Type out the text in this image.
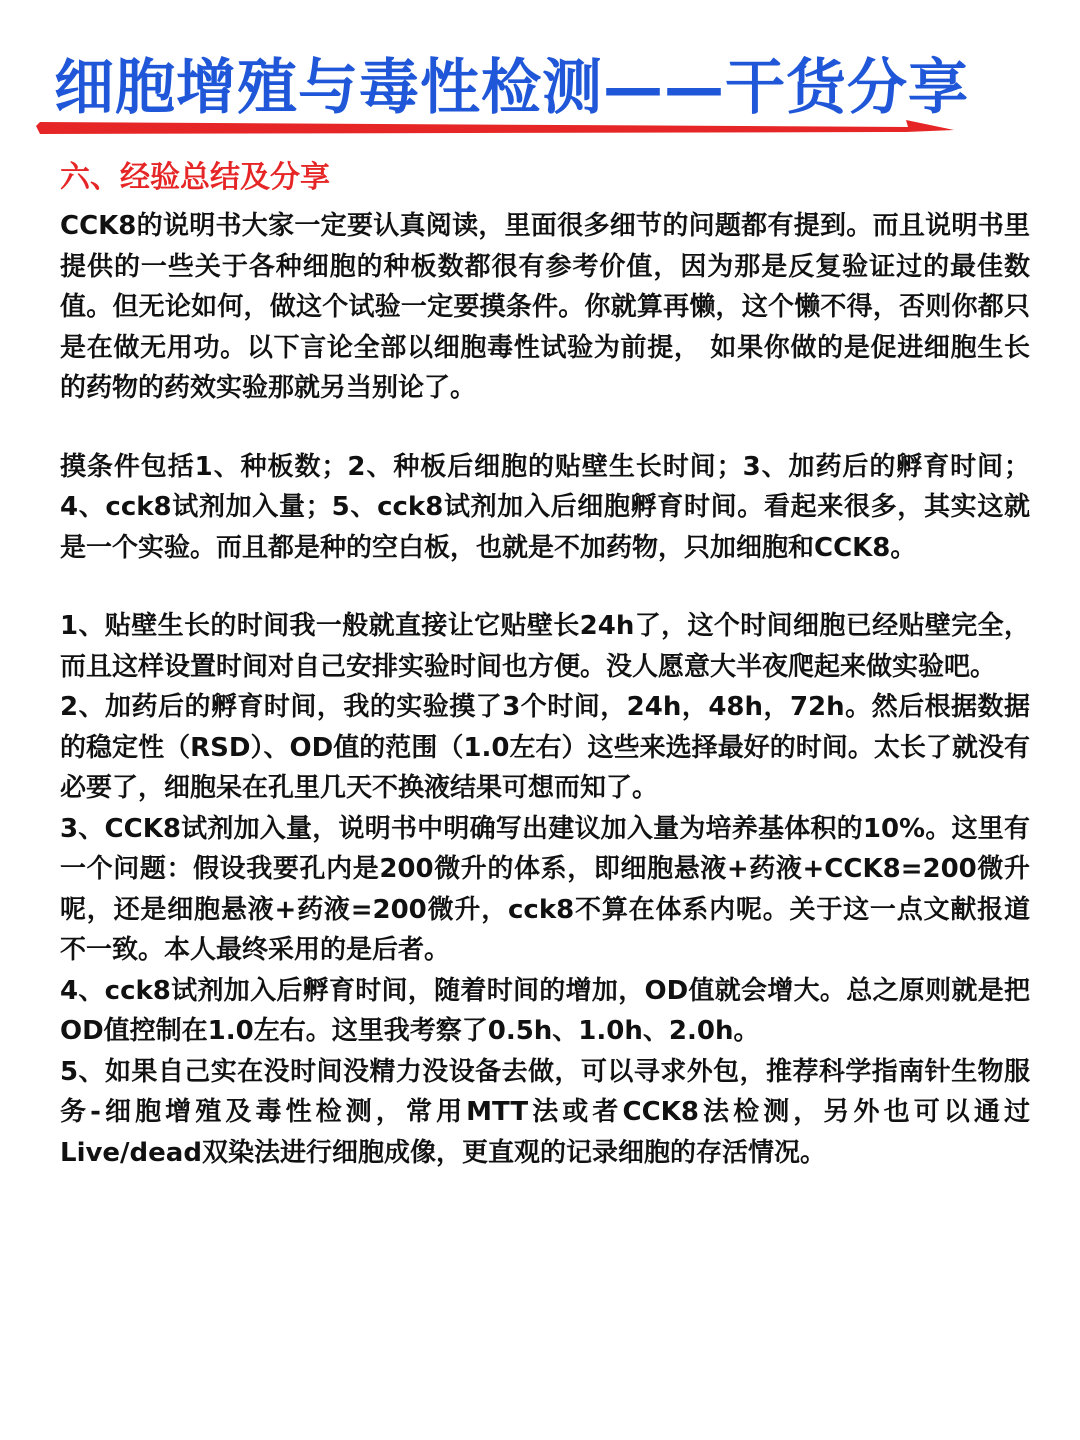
细胞增殖与毒性检测——干货分享
六、经验总结及分享

CCK8的说明书大家一定要认真阅读，里面很多细节的问题都有提到。而且说明书里提供的一些关于各种细胞的种板数都很有参考价值，因为那是反复验证过的最佳数值。但无论如何，做这个试验一定要摸条件。你就算再懒，这个懒不得，否则你都只是在做无用功。以下言论全部以细胞毒性试验为前提， 如果你做的是促进细胞生长的药物的药效实验那就另当别论了。

摸条件包括1、种板数；2、种板后细胞的贴壁生长时间；3、加药后的孵育时间；4、cck8试剂加入量；5、cck8试剂加入后细胞孵育时间。看起来很多，其实这就是一个实验。而且都是种的空白板，也就是不加药物，只加细胞和CCK8。

1、贴壁生长的时间我一般就直接让它贴壁长24h了，这个时间细胞已经贴壁完全，而且这样设置时间对自己安排实验时间也方便。没人愿意大半夜爬起来做实验吧。

2、加药后的孵育时间，我的实验摸了3个时间，24h，48h，72h。然后根据数据的稳定性（RSD）、OD值的范围（1.0左右）这些来选择最好的时间。太长了就没有必要了，细胞呆在孔里几天不换液结果可想而知了。

3、CCK8试剂加入量，说明书中明确写出建议加入量为培养基体积的10%。这里有一个问题：假设我要孔内是200微升的体系，即细胞悬液+药液+CCK8=200微升呢，还是细胞悬液+药液=200微升，cck8不算在体系内呢。关于这一点文献报道不一致。本人最终采用的是后者。

4、cck8试剂加入后孵育时间，随着时间的增加，OD值就会增大。总之原则就是把OD值控制在1.0左右。这里我考察了0.5h、1.0h、2.0h。

5、如果自己实在没时间没精力没设备去做，可以寻求外包，推荐科学指南针生物服务-细胞增殖及毒性检测，常用MTT法或者CCK8法检测，另外也可以通过Live/dead双染法进行细胞成像，更直观的记录细胞的存活情况。
